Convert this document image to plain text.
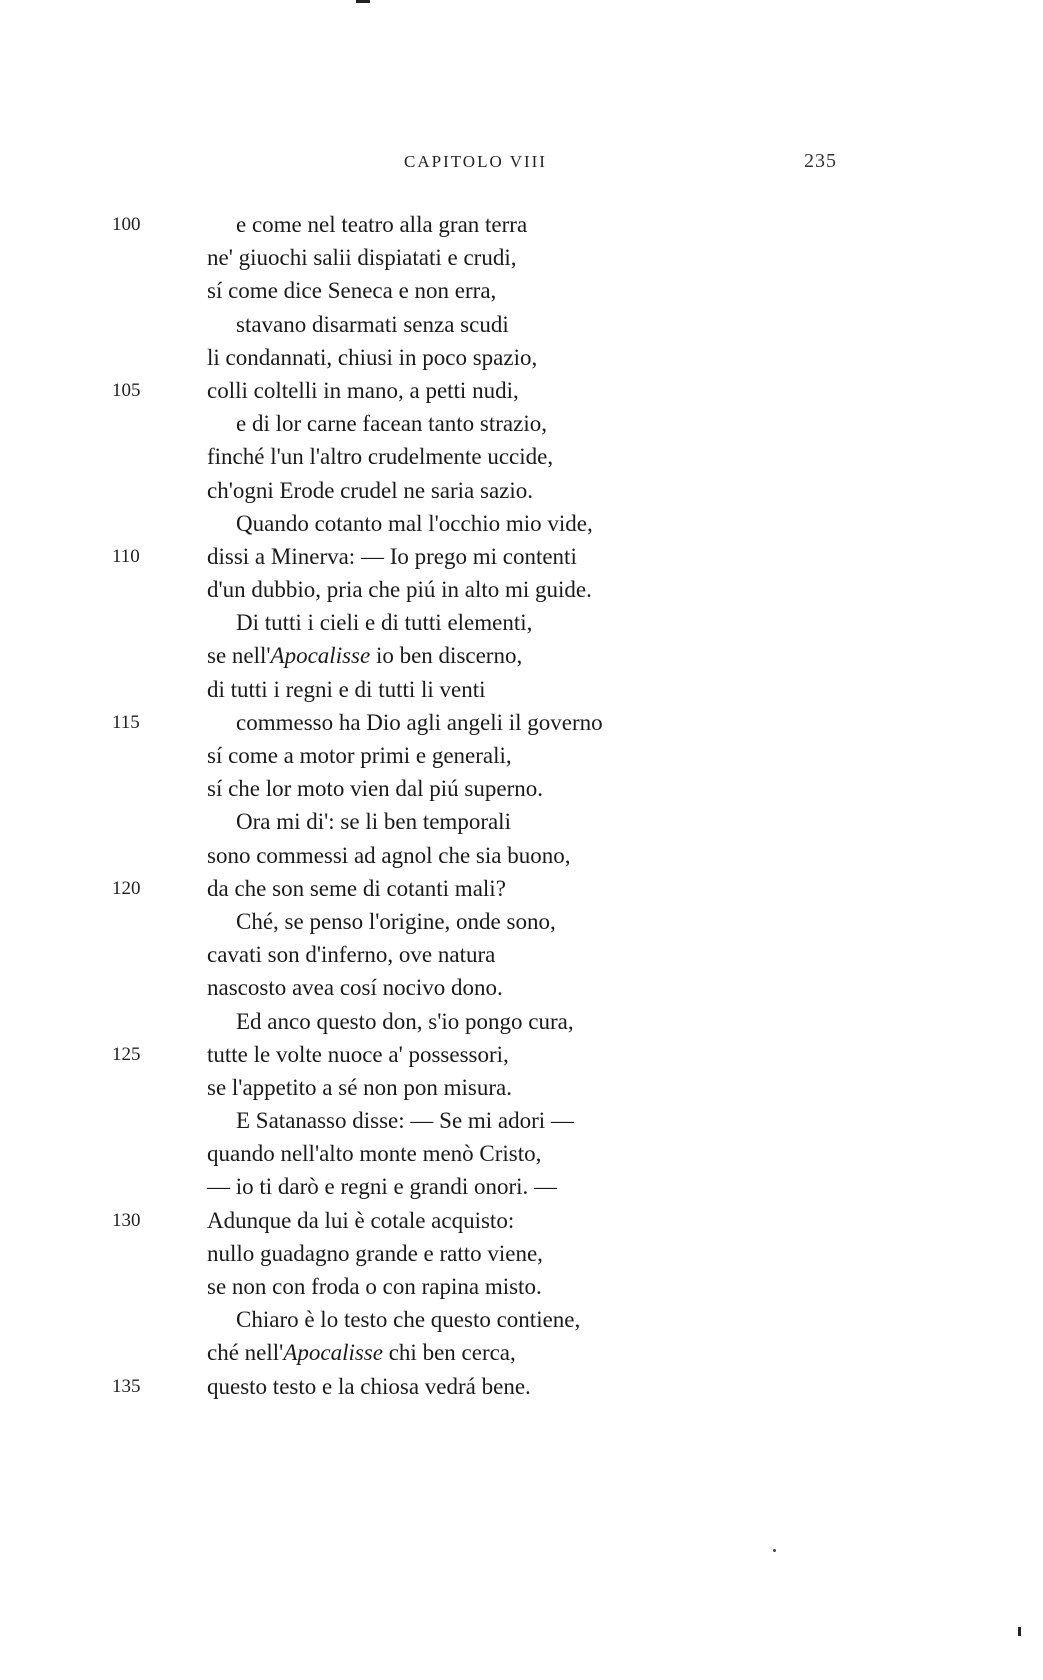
CAPITOLO VIII	235
100	e come nel teatro alla gran terra
ne' giuochi salii dispiatati e crudi,
sí come dice Seneca e non erra,
stavano disarmati senza scudi
li condannati, chiusi in poco spazio,
105	colli coltelli in mano, a petti nudi,
e di lor carne facean tanto strazio,
finché l'un l'altro crudelmente uccide,
ch'ogni Erode crudel ne saria sazio.
Quando cotanto mal l'occhio mio vide,
110	dissi a Minerva: — Io prego mi contenti
d'un dubbio, pria che piú in alto mi guide.
Di tutti i cieli e di tutti elementi,
se nell'Apocalisse io ben discerno,
di tutti i regni e di tutti li venti
115	commesso ha Dio agli angeli il governo
sí come a motor primi e generali,
sí che lor moto vien dal piú superno.
Ora mi di': se li ben temporali
sono commessi ad agnol che sia buono,
120	da che son seme di cotanti mali?
Ché, se penso l'origine, onde sono,
cavati son d'inferno, ove natura
nascosto avea cosí nocivo dono.
Ed anco questo don, s'io pongo cura,
125	tutte le volte nuoce a' possessori,
se l'appetito a sé non pon misura.
E Satanasso disse: — Se mi adori —
quando nell'alto monte menò Cristo,
— io ti darò e regni e grandi onori. —
130	Adunque da lui è cotale acquisto:
nullo guadagno grande e ratto viene,
se non con froda o con rapina misto.
Chiaro è lo testo che questo contiene,
ché nell'Apocalisse chi ben cerca,
135	questo testo e la chiosa vedrá bene.
